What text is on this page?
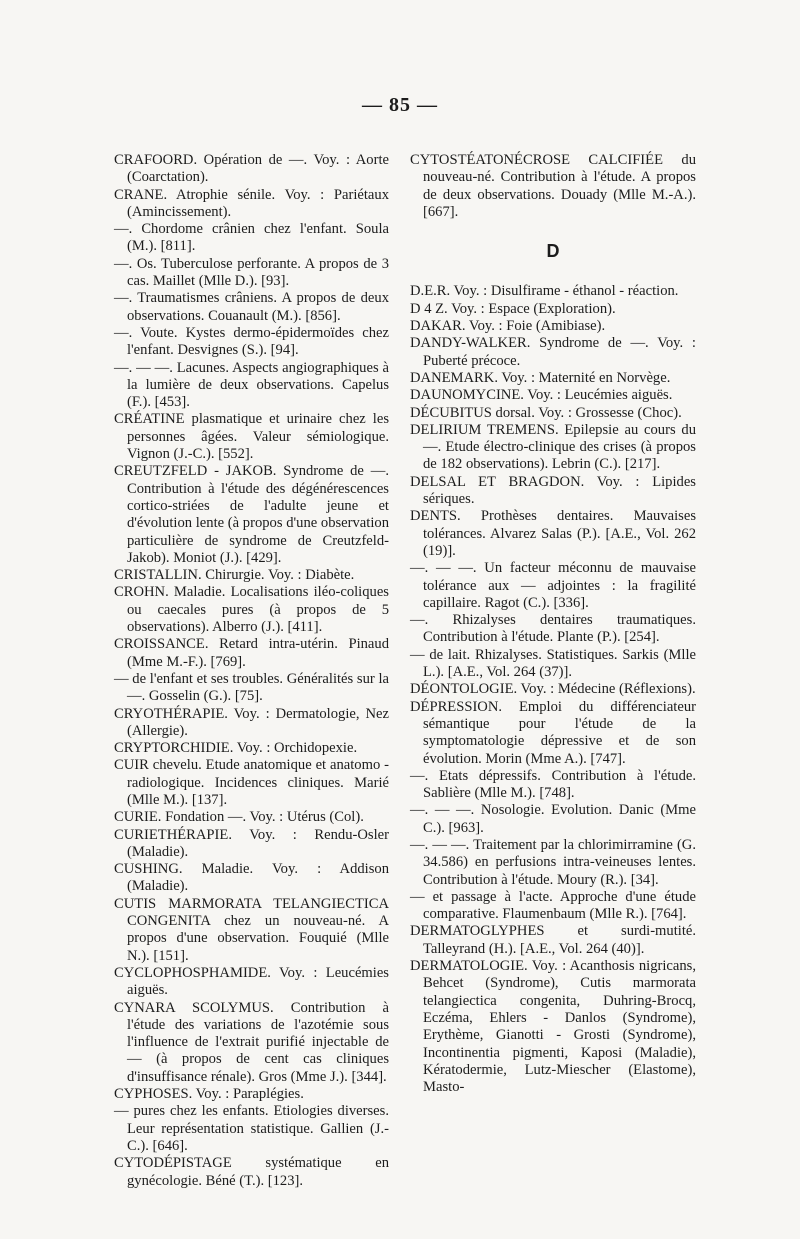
— 85 —

CRAFOORD. Opération de —. Voy. : Aorte (Coarctation).

CRANE. Atrophie sénile. Voy. : Pariétaux (Amincissement).

—. Chordome crânien chez l'enfant. Soula (M.). [811].

—. Os. Tuberculose perforante. A propos de 3 cas. Maillet (Mlle D.). [93].

—. Traumatismes crâniens. A propos de deux observations. Couanault (M.). [856].

—. Voute. Kystes dermo-épidermoïdes chez l'enfant. Desvignes (S.). [94].

—. — —. Lacunes. Aspects angiographiques à la lumière de deux observations. Capelus (F.). [453].

CRÉATINE plasmatique et urinaire chez les personnes âgées. Valeur sémiologique. Vignon (J.-C.). [552].

CREUTZFELD - JAKOB. Syndrome de —. Contribution à l'étude des dégénérescences cortico-striées de l'adulte jeune et d'évolution lente (à propos d'une observation particulière de syndrome de Creutzfeld-Jakob). Moniot (J.). [429].

CRISTALLIN. Chirurgie. Voy. : Diabète.

CROHN. Maladie. Localisations iléo-coliques ou caecales pures (à propos de 5 observations). Alberro (J.). [411].

CROISSANCE. Retard intra-utérin. Pinaud (Mme M.-F.). [769].

— de l'enfant et ses troubles. Généralités sur la —. Gosselin (G.). [75].

CRYOTHÉRAPIE. Voy. : Dermatologie, Nez (Allergie).

CRYPTORCHIDIE. Voy. : Orchidopexie.

CUIR chevelu. Etude anatomique et anatomo - radiologique. Incidences cliniques. Marié (Mlle M.). [137].

CURIE. Fondation —. Voy. : Utérus (Col).

CURIETHÉRAPIE. Voy. : Rendu-Osler (Maladie).

CUSHING. Maladie. Voy. : Addison (Maladie).

CUTIS MARMORATA TELANGIECTICA CONGENITA chez un nouveau-né. A propos d'une observation. Fouquié (Mlle N.). [151].

CYCLOPHOSPHAMIDE. Voy. : Leucémies aiguës.

CYNARA SCOLYMUS. Contribution à l'étude des variations de l'azotémie sous l'influence de l'extrait purifié injectable de — (à propos de cent cas cliniques d'insuffisance rénale). Gros (Mme J.). [344].

CYPHOSES. Voy. : Paraplégies.

— pures chez les enfants. Etiologies diverses. Leur représentation statistique. Gallien (J.-C.). [646].

CYTODÉPISTAGE systématique en gynécologie. Béné (T.). [123].

CYTOSTÉATONÉCROSE CALCIFIÉE du nouveau-né. Contribution à l'étude. A propos de deux observations. Douady (Mlle M.-A.). [667].

D

D.E.R. Voy. : Disulfirame - éthanol - réaction.

D 4 Z. Voy. : Espace (Exploration).

DAKAR. Voy. : Foie (Amibiase).

DANDY-WALKER. Syndrome de —. Voy. : Puberté précoce.

DANEMARK. Voy. : Maternité en Norvège.

DAUNOMYCINE. Voy. : Leucémies aiguës.

DÉCUBITUS dorsal. Voy. : Grossesse (Choc).

DELIRIUM TREMENS. Epilepsie au cours du —. Etude électro-clinique des crises (à propos de 182 observations). Lebrin (C.). [217].

DELSAL ET BRAGDON. Voy. : Lipides sériques.

DENTS. Prothèses dentaires. Mauvaises tolérances. Alvarez Salas (P.). [A.E., Vol. 262 (19)].

—. — —. Un facteur méconnu de mauvaise tolérance aux — adjointes : la fragilité capillaire. Ragot (C.). [336].

—. Rhizalyses dentaires traumatiques. Contribution à l'étude. Plante (P.). [254].

— de lait. Rhizalyses. Statistiques. Sarkis (Mlle L.). [A.E., Vol. 264 (37)].

DÉONTOLOGIE. Voy. : Médecine (Réflexions).

DÉPRESSION. Emploi du différenciateur sémantique pour l'étude de la symptomatologie dépressive et de son évolution. Morin (Mme A.). [747].

—. Etats dépressifs. Contribution à l'étude. Sablière (Mlle M.). [748].

—. — —. Nosologie. Evolution. Danic (Mme C.). [963].

—. — —. Traitement par la chlorimirramine (G. 34.586) en perfusions intra-veineuses lentes. Contribution à l'étude. Moury (R.). [34].

— et passage à l'acte. Approche d'une étude comparative. Flaumenbaum (Mlle R.). [764].

DERMATOGLYPHES et surdi-mutité. Talleyrand (H.). [A.E., Vol. 264 (40)].

DERMATOLOGIE. Voy. : Acanthosis nigricans, Behcet (Syndrome), Cutis marmorata telangiectica congenita, Duhring-Brocq, Eczéma, Ehlers - Danlos (Syndrome), Erythème, Gianotti - Grosti (Syndrome), Incontinentia pigmenti, Kaposi (Maladie), Kératodermie, Lutz-Miescher (Elastome), Masto-
